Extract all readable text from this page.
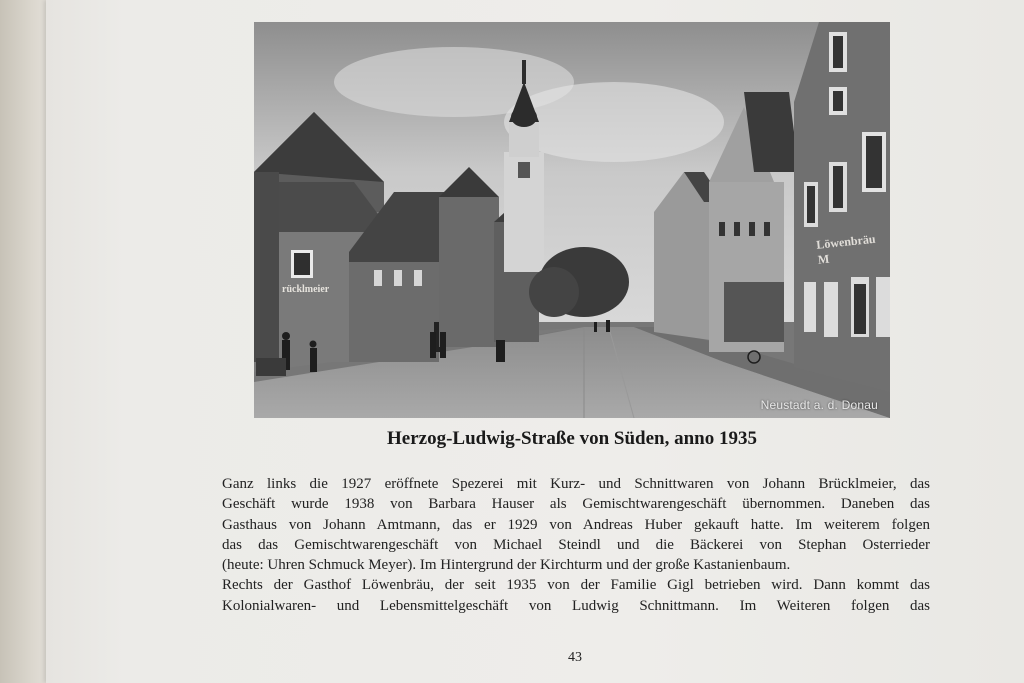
rücklmeier
Löwenbräu M
Neustadt a. d. Donau
Herzog-Ludwig-Straße von Süden, anno 1935
Ganz links die 1927 eröffnete Spezerei mit Kurz- und Schnittwaren von Johann Brücklmeier, das
Geschäft wurde 1938 von Barbara Hauser als Gemischtwarengeschäft übernommen. Daneben das
Gasthaus von Johann Amtmann, das er 1929 von Andreas Huber gekauft hatte. Im weiterem folgen
das das Gemischtwarengeschäft von Michael Steindl und die Bäckerei von Stephan Osterrieder
(heute: Uhren Schmuck Meyer). Im Hintergrund der Kirchturm und der große Kastanienbaum.
Rechts der Gasthof Löwenbräu, der seit 1935 von der Familie Gigl betrieben wird. Dann kommt das
Kolonialwaren- und Lebensmittelgeschäft von Ludwig Schnittmann. Im Weiteren folgen das
43
